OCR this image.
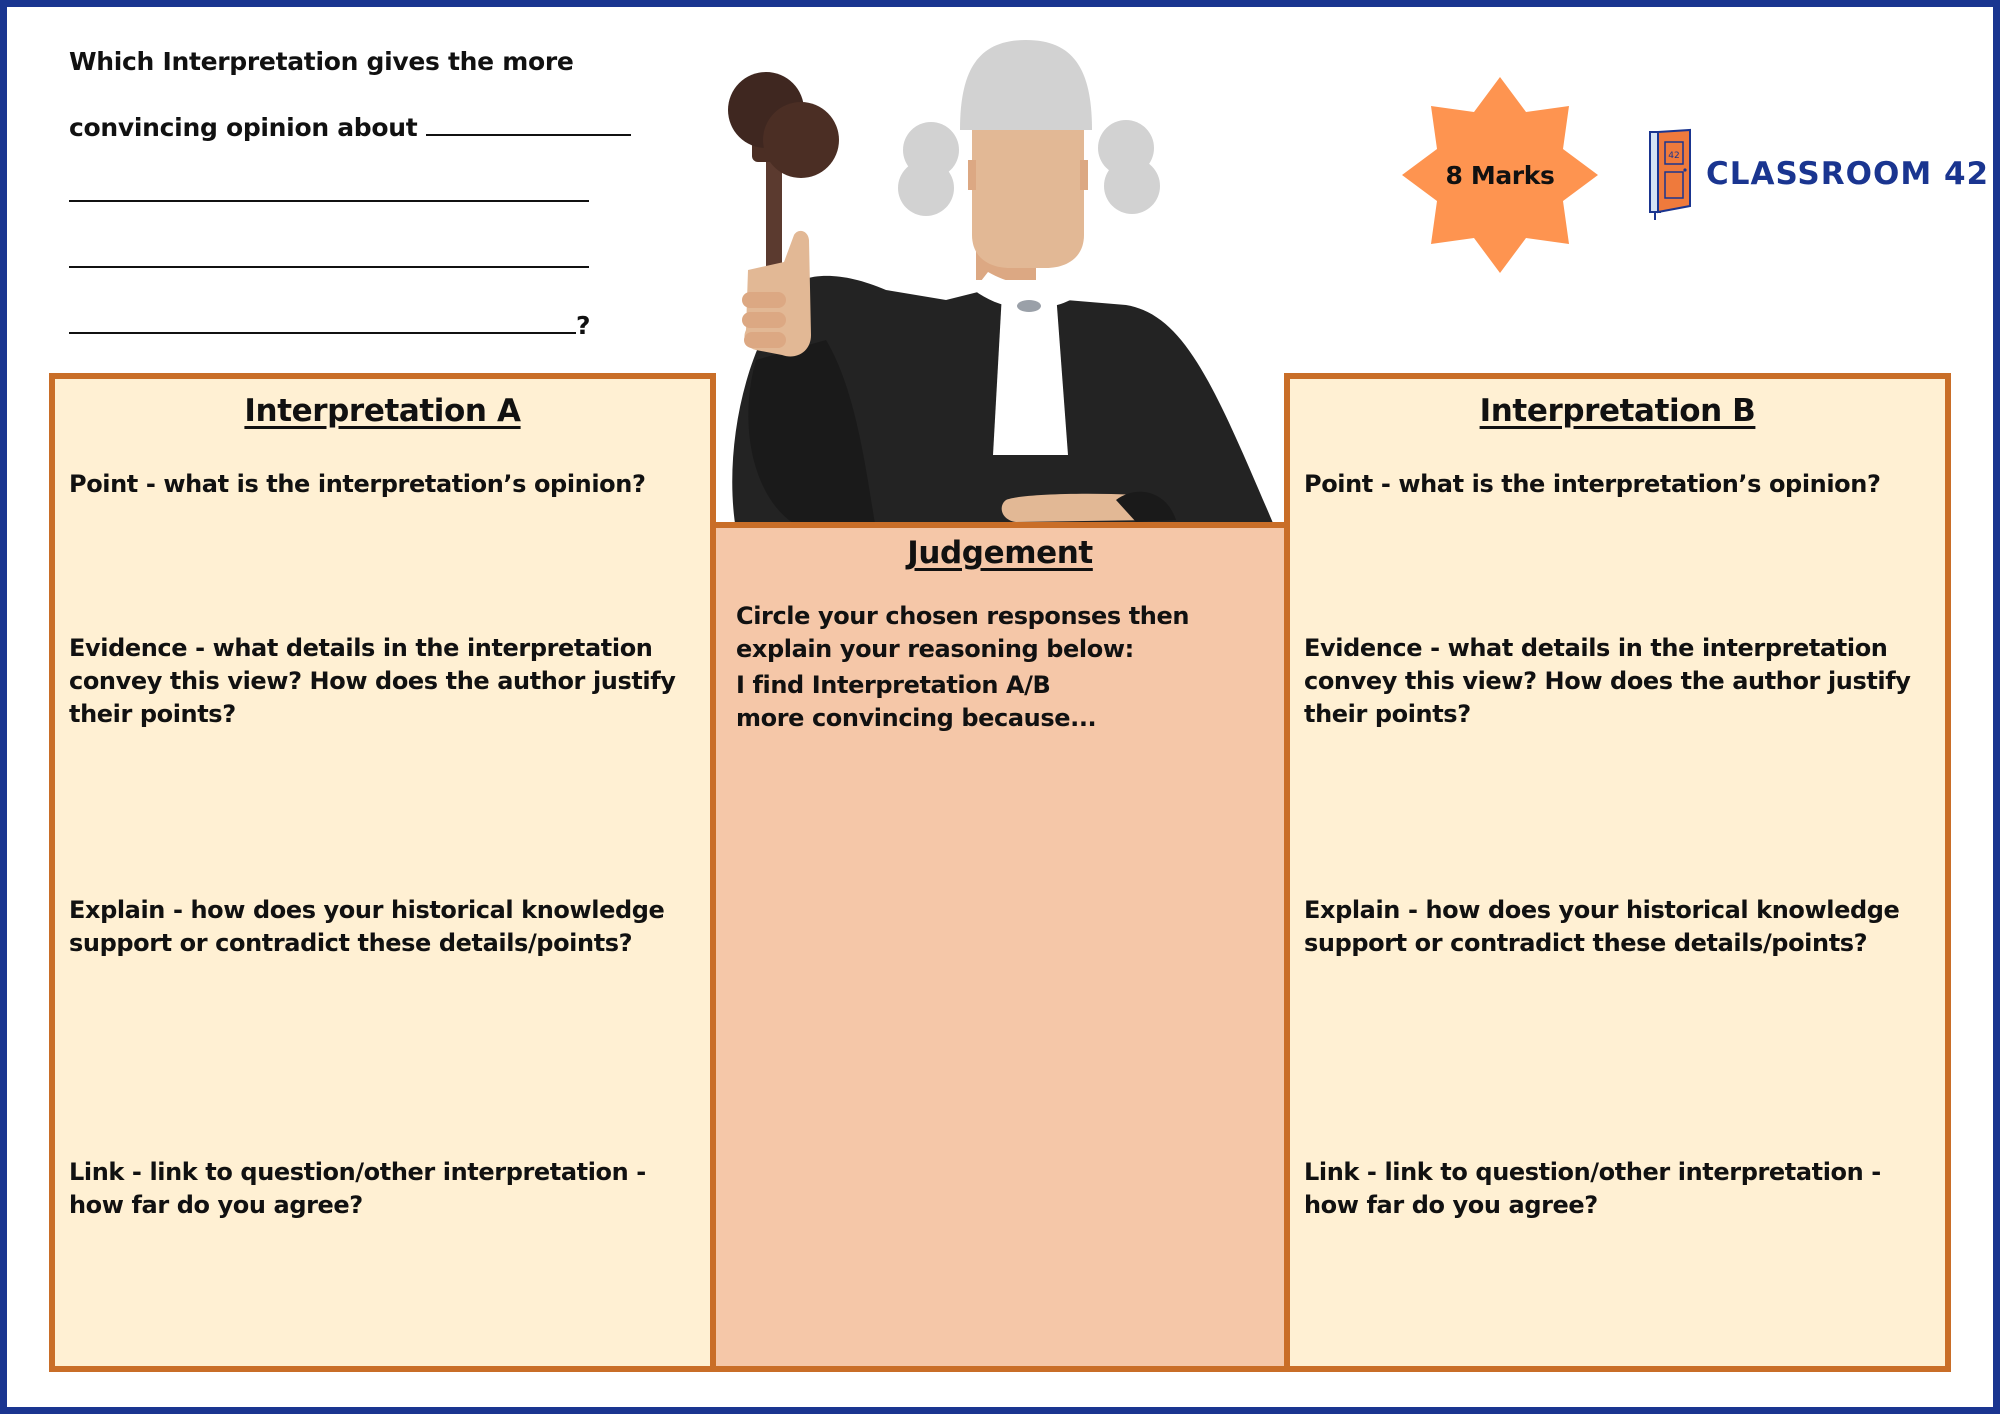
Which Interpretation gives the more
convincing opinion about
?
8 Marks
42 CLASSROOM 42
Interpretation A

Point - what is the interpretation’s opinion?

Evidence - what details in the interpretation convey this view? How does the author justify their points?

Explain - how does your historical knowledge support or contradict these details/points?

Link - link to question/other interpretation - how far do you agree?

Interpretation B

Point - what is the interpretation’s opinion?

Evidence - what details in the interpretation convey this view? How does the author justify their points?

Explain - how does your historical knowledge support or contradict these details/points?

Link - link to question/other interpretation - how far do you agree?

Judgement

Circle your chosen responses then explain your reasoning below:

I find Interpretation A/B

more convincing because...
